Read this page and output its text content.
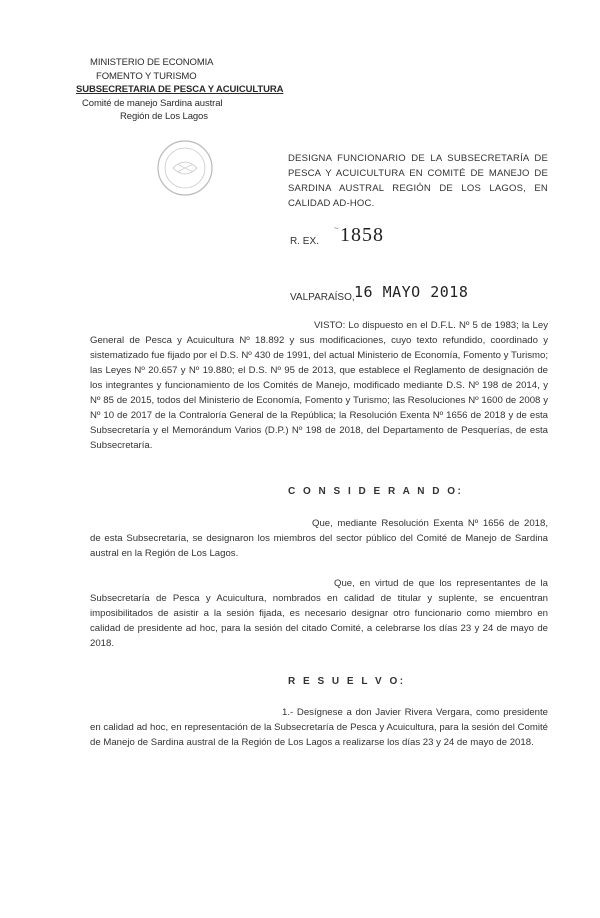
MINISTERIO DE ECONOMIA
FOMENTO Y TURISMO
SUBSECRETARIA DE PESCA Y ACUICULTURA
Comité de manejo Sardina austral
Región de Los Lagos
DESIGNA FUNCIONARIO DE LA SUBSECRETARÍA DE PESCA Y ACUICULTURA EN COMITÉ DE MANEJO DE SARDINA AUSTRAL REGIÓN DE LOS LAGOS, EN CALIDAD AD-HOC.
~
R. EX. 1858
VALPARAÍSO, 16 MAYO 2018
VISTO: Lo dispuesto en el D.F.L. Nº 5 de 1983; la Ley General de Pesca y Acuicultura Nº 18.892 y sus modificaciones, cuyo texto refundido, coordinado y sistematizado fue fijado por el D.S. Nº 430 de 1991, del actual Ministerio de Economía, Fomento y Turismo; las Leyes Nº 20.657 y Nº 19.880; el D.S. Nº 95 de 2013, que establece el Reglamento de designación de los integrantes y funcionamiento de los Comités de Manejo, modificado mediante D.S. Nº 198 de 2014, y Nº 85 de 2015, todos del Ministerio de Economía, Fomento y Turismo; las Resoluciones Nº 1600 de 2008 y Nº 10 de 2017 de la Contraloría General de la República; la Resolución Exenta Nº 1656 de 2018 y de esta Subsecretaría y el Memorándum Varios (D.P.) Nº 198 de 2018, del Departamento de Pesquerías, de esta Subsecretaría.
C O N S I D E R A N D O:
Que, mediante Resolución Exenta Nº 1656 de 2018, de esta Subsecretaría, se designaron los miembros del sector público del Comité de Manejo de Sardina austral en la Región de Los Lagos.
Que, en virtud de que los representantes de la Subsecretaría de Pesca y Acuicultura, nombrados en calidad de titular y suplente, se encuentran imposibilitados de asistir a la sesión fijada, es necesario designar otro funcionario como miembro en calidad de presidente ad hoc, para la sesión del citado Comité, a celebrarse los días 23 y 24 de mayo de 2018.
R E S U E L V O:
1.- Desígnese a don Javier Rivera Vergara, como presidente en calidad ad hoc, en representación de la Subsecretaría de Pesca y Acuicultura, para la sesión del Comité de Manejo de Sardina austral de la Región de Los Lagos a realizarse los días 23 y 24 de mayo de 2018.
